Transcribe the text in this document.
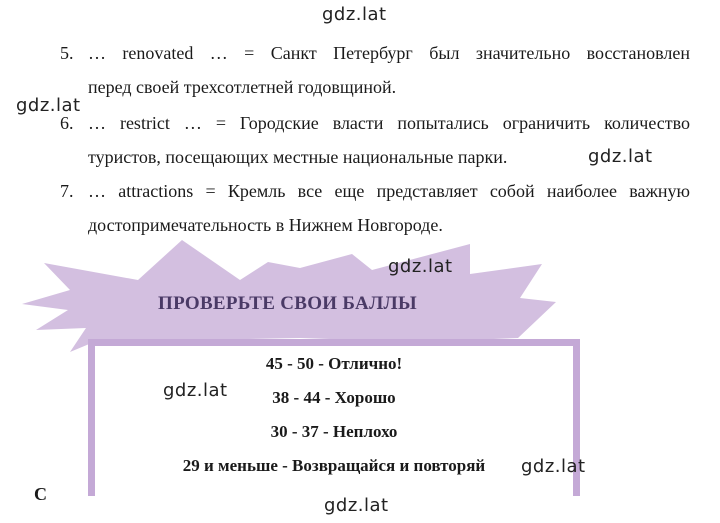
5. … renovated … = Санкт Петербург был значительно восстановлен
перед своей трехсотлетней годовщиной.
6. … restrict … = Городские власти попытались ограничить количество
туристов, посещающих местные национальные парки.
7. … attractions = Кремль все еще представляет собой наиболее важную
достопримечательность в Нижнем Новгороде.
ПРОВЕРЬТЕ СВОИ БАЛЛЫ
45 - 50 - Отлично!
38 - 44 - Хорошо
30 - 37 - Неплохо
29 и меньше - Возвращайся и повторяй
С
gdz.lat
gdz.lat
gdz.lat
gdz.lat
gdz.lat
gdz.lat
gdz.lat
